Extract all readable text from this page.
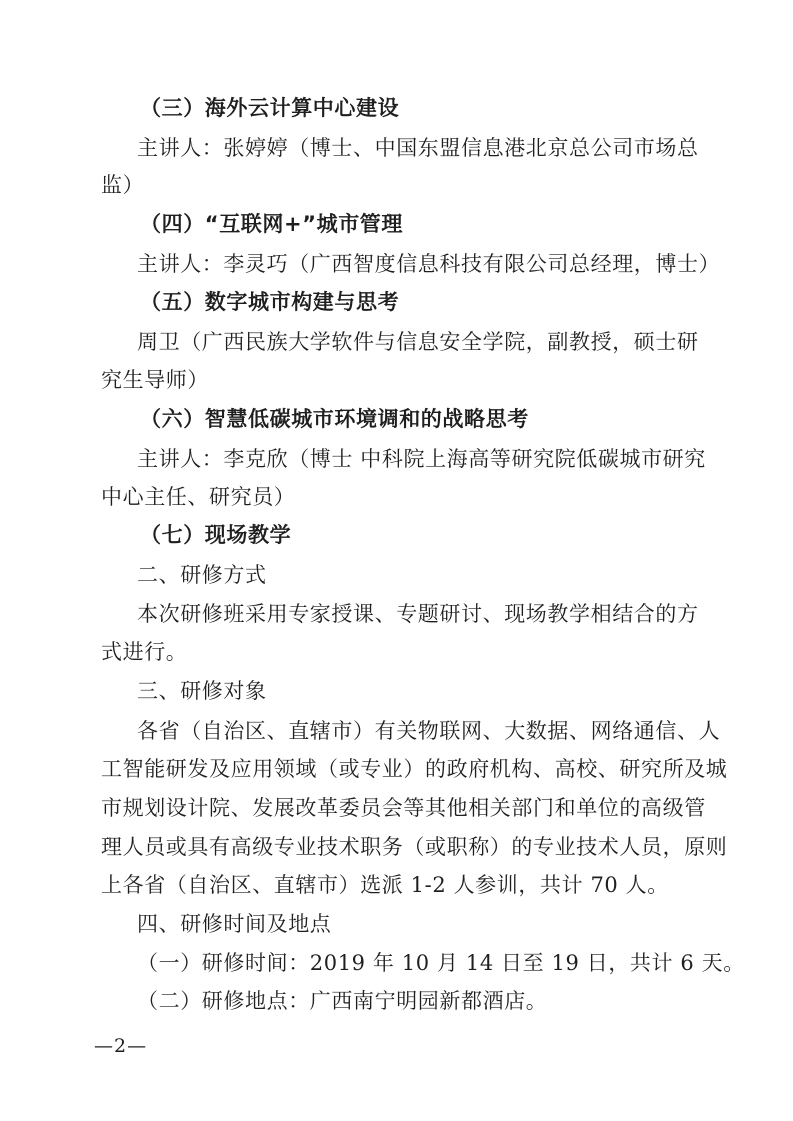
（三）海外云计算中心建设
主讲人：张婷婷（博士、中国东盟信息港北京总公司市场总
监）
（四）“互联网+”城市管理
主讲人：李灵巧（广西智度信息科技有限公司总经理，博士）
（五）数字城市构建与思考
周卫（广西民族大学软件与信息安全学院，副教授，硕士研
究生导师）
（六）智慧低碳城市环境调和的战略思考
主讲人：李克欣（博士 中科院上海高等研究院低碳城市研究
中心主任、研究员）
（七）现场教学
二、研修方式
本次研修班采用专家授课、专题研讨、现场教学相结合的方
式进行。
三、研修对象
各省（自治区、直辖市）有关物联网、大数据、网络通信、人
工智能研发及应用领域（或专业）的政府机构、高校、研究所及城
市规划设计院、发展改革委员会等其他相关部门和单位的高级管
理人员或具有高级专业技术职务（或职称）的专业技术人员，原则
上各省（自治区、直辖市）选派 1-2 人参训，共计 70 人。
四、研修时间及地点
（一）研修时间：2019 年 10 月 14 日至 19 日，共计 6 天。
（二）研修地点：广西南宁明园新都酒店。
—2—
